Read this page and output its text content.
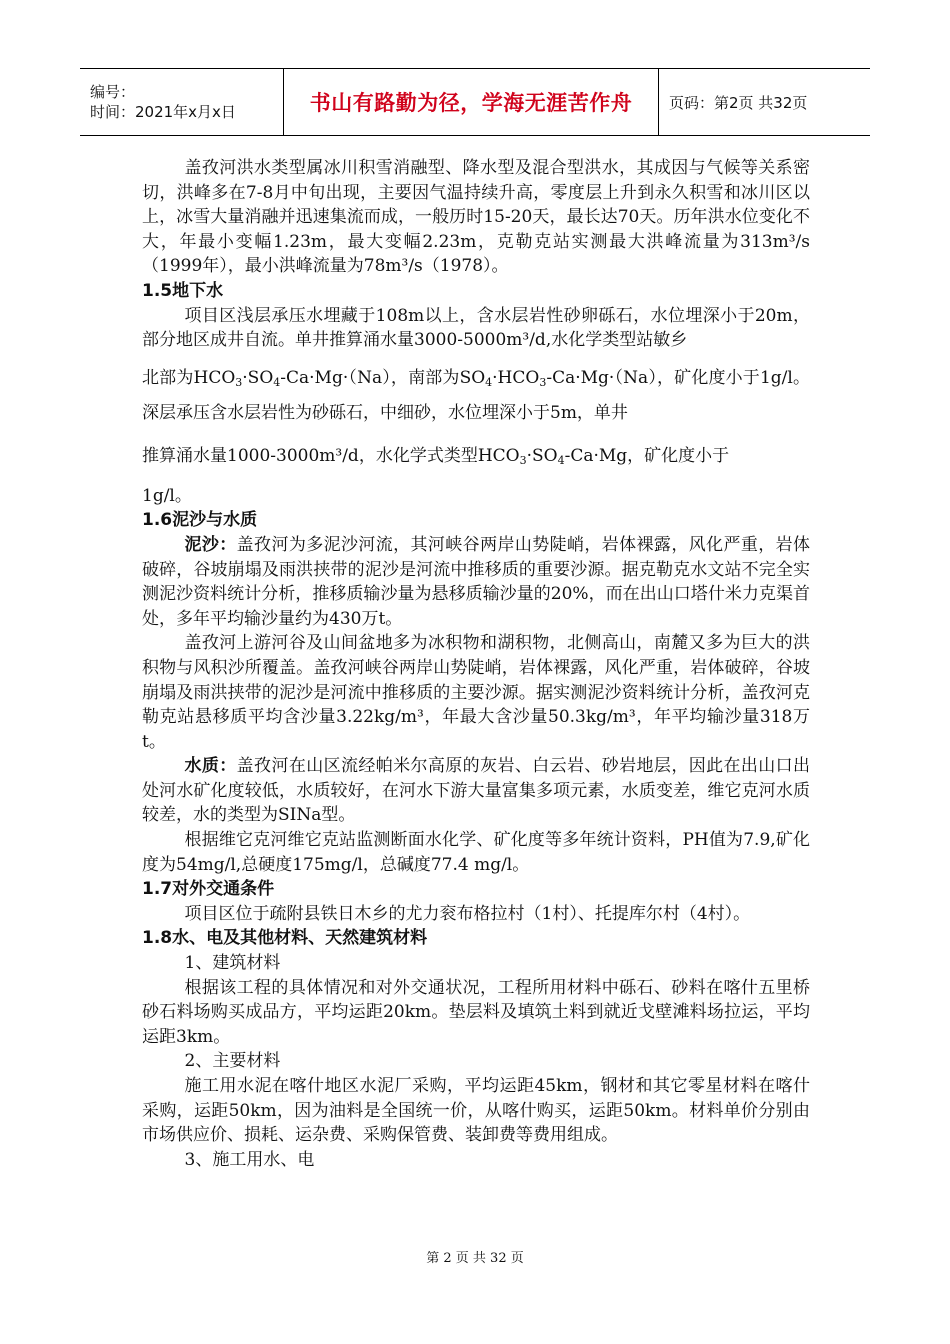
编号：
时间：2021年x月x日	书山有路勤为径，学海无涯苦作舟 页码：第2页 共32页

盖孜河洪水类型属冰川积雪消融型、降水型及混合型洪水，其成因与气候等关系密切，洪峰多在7-8月中旬出现，主要因气温持续升高，零度层上升到永久积雪和冰川区以上，冰雪大量消融并迅速集流而成，一般历时15-20天，最长达70天。历年洪水位变化不大，年最小变幅1.23m，最大变幅2.23m，克勒克站实测最大洪峰流量为313m³/s（1999年），最小洪峰流量为78m³/s（1978）。

1.5地下水

项目区浅层承压水埋藏于108m以上，含水层岩性砂卵砾石，水位埋深小于20m，部分地区成井自流。单井推算涌水量3000-5000m³/d,水化学类型站敏乡

北部为$HCO_3\cdot SO_4-Ca\cdot Mg\cdot(Na)$，南部为$SO_4\cdot HCO_3-Ca\cdot Mg\cdot(Na)$，矿化度小于1g/l。深层承压含水层岩性为砂砾石，中细砂，水位埋深小于5m，单井

推算涌水量1000-3000m³/d，水化学式类型$HCO_3\cdot SO_4-Ca\cdot Mg$，矿化度小于

1g/l。

1.6泥沙与水质

泥沙：盖孜河为多泥沙河流，其河峡谷两岸山势陡峭，岩体裸露，风化严重，岩体破碎，谷坡崩塌及雨洪挟带的泥沙是河流中推移质的重要沙源。据克勒克水文站不完全实测泥沙资料统计分析，推移质输沙量为悬移质输沙量的20%，而在出山口塔什米力克渠首处，多年平均输沙量约为430万t。

盖孜河上游河谷及山间盆地多为冰积物和湖积物，北侧高山，南麓又多为巨大的洪积物与风积沙所覆盖。盖孜河峡谷两岸山势陡峭，岩体裸露，风化严重，岩体破碎，谷坡崩塌及雨洪挟带的泥沙是河流中推移质的主要沙源。据实测泥沙资料统计分析，盖孜河克勒克站悬移质平均含沙量3.22kg/m³，年最大含沙量50.3kg/m³，年平均输沙量318万t。

水质：盖孜河在山区流经帕米尔高原的灰岩、白云岩、砂岩地层，因此在出山口出处河水矿化度较低，水质较好，在河水下游大量富集多项元素，水质变差，维它克河水质较差，水的类型为SINa型。

根据维它克河维它克站监测断面水化学、矿化度等多年统计资料，PH值为7.9,矿化度为54mg/l,总硬度175mg/l，总碱度77.4 mg/l。

1.7对外交通条件

项目区位于疏附县铁日木乡的尤力衮布格拉村（1村）、托提库尔村（4村）。

1.8水、电及其他材料、天然建筑材料

1、建筑材料

根据该工程的具体情况和对外交通状况，工程所用材料中砾石、砂料在喀什五里桥砂石料场购买成品方，平均运距20km。垫层料及填筑土料到就近戈壁滩料场拉运，平均运距3km。

2、主要材料

施工用水泥在喀什地区水泥厂采购，平均运距45km，钢材和其它零星材料在喀什采购，运距50km，因为油料是全国统一价，从喀什购买，运距50km。材料单价分别由市场供应价、损耗、运杂费、采购保管费、装卸费等费用组成。

3、施工用水、电

第 2 页 共 32 页
